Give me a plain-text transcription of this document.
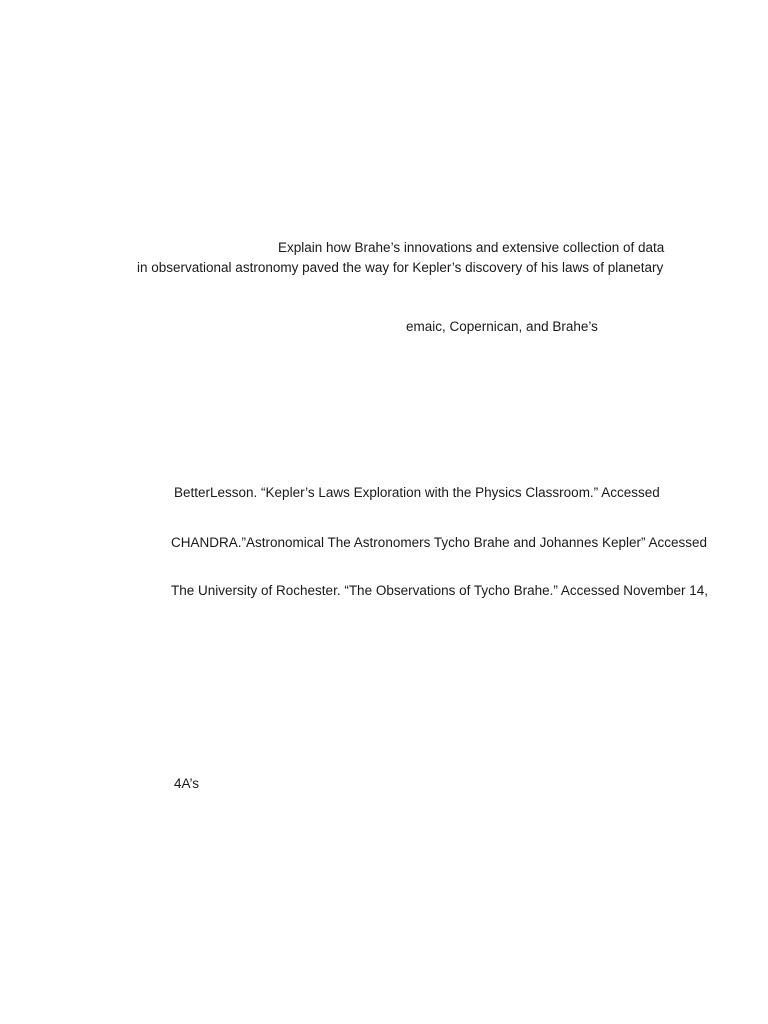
Explain how Brahe’s innovations and extensive collection of data
in observational astronomy paved the way for Kepler’s discovery of his laws of planetary
emaic, Copernican, and Brahe’s
BetterLesson. “Kepler’s Laws Exploration with the Physics Classroom.” Accessed
CHANDRA.”Astronomical The Astronomers Tycho Brahe and Johannes Kepler” Accessed
The University of Rochester. “The Observations of Tycho Brahe.” Accessed November 14,
4A’s
